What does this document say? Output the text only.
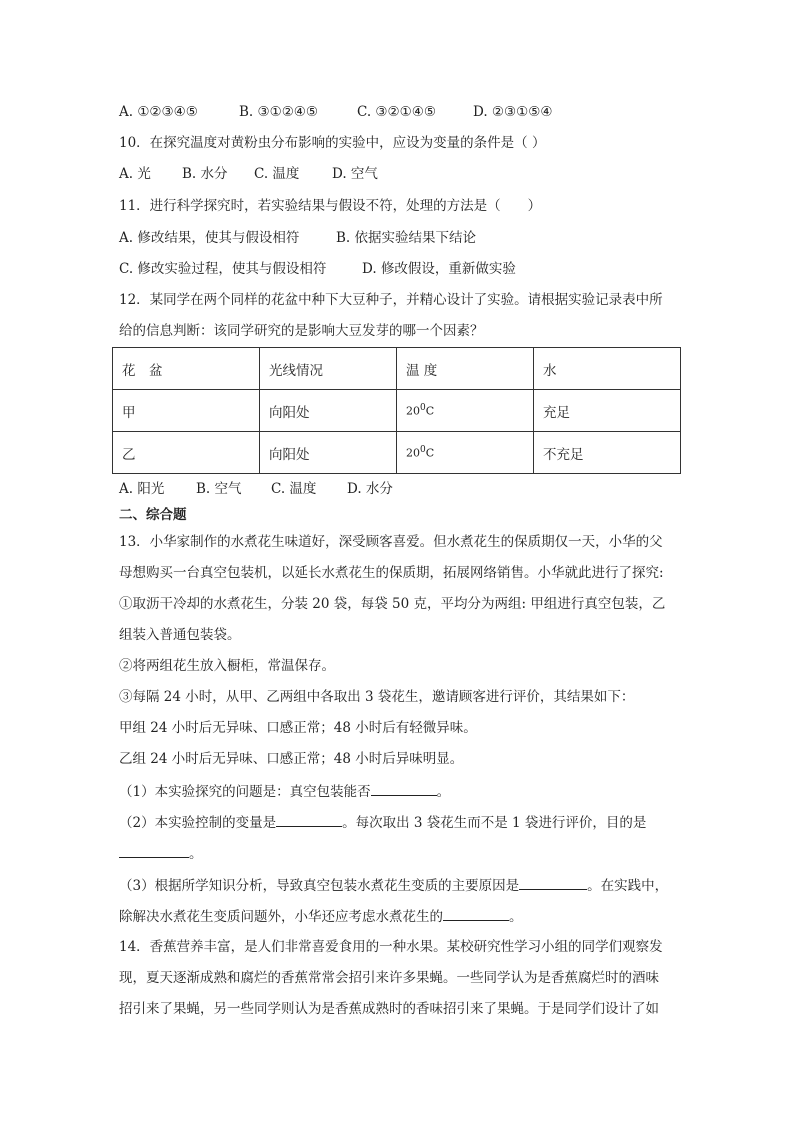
A. ①②③④⑤	B. ③①②④⑤	C. ③②①④⑤	D. ②③①⑤④
10．在探究温度对黄粉虫分布影响的实验中，应设为变量的条件是（ ）
A. 光 B. 水分 C. 温度 D. 空气
11．进行科学探究时，若实验结果与假设不符，处理的方法是（　　）
A. 修改结果，使其与假设相符	B. 依据实验结果下结论
C. 修改实验过程，使其与假设相符	D. 修改假设，重新做实验
12．某同学在两个同样的花盆中种下大豆种子，并精心设计了实验。请根据实验记录表中所
给的信息判断：该同学研究的是影响大豆发芽的哪一个因素？
花　盆	光线情况	温 度	水
甲	向阳处	$20^0C$	充足
乙	向阳处	$20^0C$	不充足
A. 阳光 B. 空气 C. 温度 D. 水分
二、综合题
13．小华家制作的水煮花生味道好，深受顾客喜爱。但水煮花生的保质期仅一天，小华的父
母想购买一台真空包装机，以延长水煮花生的保质期，拓展网络销售。小华就此进行了探究:
①取沥干冷却的水煮花生，分装 20 袋，每袋 50 克，平均分为两组: 甲组进行真空包装，乙
组装入普通包装袋。
②将两组花生放入橱柜，常温保存。
③每隔 24 小时，从甲、乙两组中各取出 3 袋花生，邀请顾客进行评价，其结果如下：
甲组 24 小时后无异味、口感正常；48 小时后有轻微异味。
乙组 24 小时后无异味、口感正常；48 小时后异味明显。
（1）本实验探究的问题是：真空包装能否	。
（2）本实验控制的变量是	。每次取出 3 袋花生而不是 1 袋进行评价，目的是
。
（3）根据所学知识分析，导致真空包装水煮花生变质的主要原因是	。在实践中，
除解决水煮花生变质问题外，小华还应考虑水煮花生的	。
14．香蕉营养丰富，是人们非常喜爱食用的一种水果。某校研究性学习小组的同学们观察发
现，夏天逐渐成熟和腐烂的香蕉常常会招引来许多果蝇。一些同学认为是香蕉腐烂时的酒味
招引来了果蝇，另一些同学则认为是香蕉成熟时的香味招引来了果蝇。于是同学们设计了如
